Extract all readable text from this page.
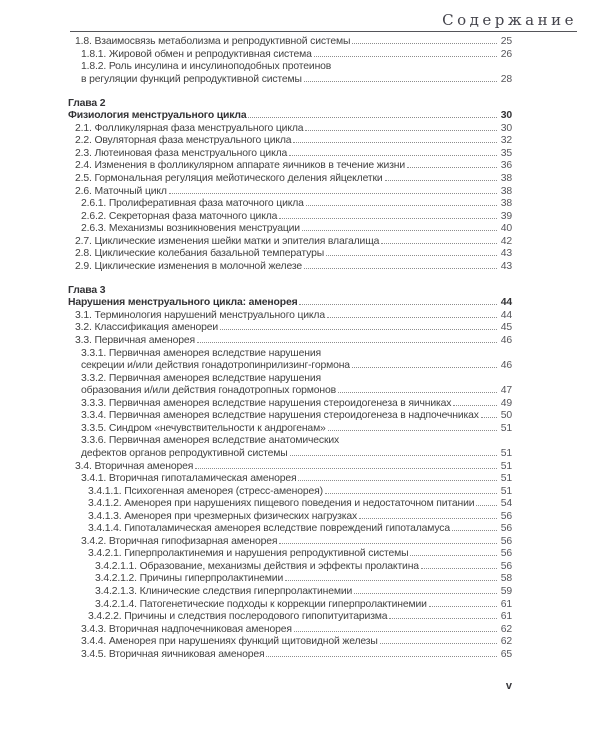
Содержание
1.8. Взаимосвязь метаболизма и репродуктивной системы	25
1.8.1. Жировой обмен и репродуктивная система	26
1.8.2. Роль инсулина и инсулиноподобных протеинов
в регуляции функций репродуктивной системы	28
Глава 2
Физиология менструального цикла	30
2.1. Фолликулярная фаза менструального цикла	30
2.2. Овуляторная фаза менструального цикла	32
2.3. Лютеиновая фаза менструального цикла	35
2.4. Изменения в фолликулярном аппарате яичников в течение жизни	36
2.5. Гормональная регуляция мейотического деления яйцеклетки	38
2.6. Маточный цикл	38
2.6.1. Пролиферативная фаза маточного цикла	38
2.6.2. Секреторная фаза маточного цикла	39
2.6.3. Механизмы возникновения менструации	40
2.7. Циклические изменения шейки матки и эпителия влагалища	42
2.8. Циклические колебания базальной температуры	43
2.9. Циклические изменения в молочной железе	43
Глава 3
Нарушения менструального цикла: аменорея	44
3.1. Терминология нарушений менструального цикла	44
3.2. Классификация аменореи	45
3.3. Первичная аменорея	46
3.3.1. Первичная аменорея вследствие нарушения
секреции и/или действия гонадотропинрилизинг-гормона	46
3.3.2. Первичная аменорея вследствие нарушения
образования и/или действия гонадотропных гормонов	47
3.3.3. Первичная аменорея вследствие нарушения стероидогенеза в яичниках	49
3.3.4. Первичная аменорея вследствие нарушения стероидогенеза в надпочечниках 50
3.3.5. Синдром «нечувствительности к андрогенам»	51
3.3.6. Первичная аменорея вследствие анатомических
дефектов органов репродуктивной системы	51
3.4. Вторичная аменорея	51
3.4.1. Вторичная гипоталамическая аменорея	51
3.4.1.1. Психогенная аменорея (стресс-аменорея)	51
3.4.1.2. Аменорея при нарушениях пищевого поведения и недостаточном питании	54
3.4.1.3. Аменорея при чрезмерных физических нагрузках	56
3.4.1.4. Гипоталамическая аменорея вследствие повреждений гипоталамуса	56
3.4.2. Вторичная гипофизарная аменорея	56
3.4.2.1. Гиперпролактинемия и нарушения репродуктивной системы	56
3.4.2.1.1. Образование, механизмы действия и эффекты пролактина	56
3.4.2.1.2. Причины гиперпролактинемии	58
3.4.2.1.3. Клинические следствия гиперпролактинемии	59
3.4.2.1.4. Патогенетические подходы к коррекции гиперпролактинемии	61
3.4.2.2. Причины и следствия послеродового гипопитуитаризма	61
3.4.3. Вторичная надпочечниковая аменорея	62
3.4.4. Аменорея при нарушениях функций щитовидной железы	62
3.4.5. Вторичная яичниковая аменорея	65
v
